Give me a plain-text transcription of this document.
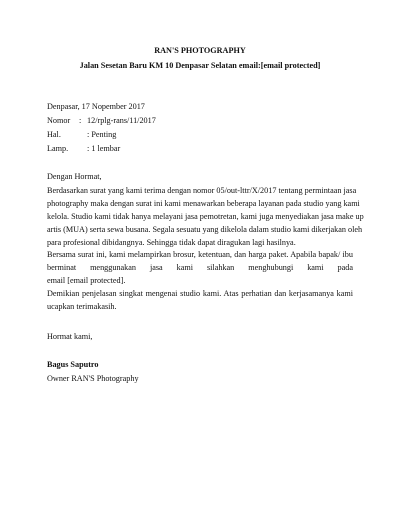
RAN'S PHOTOGRAPHY
Jalan Sesetan Baru KM 10 Denpasar Selatan email:[email protected]
Denpasar, 17 Nopember 2017
Nomor : 12/rplg-rans/11/2017
Hal.	: Penting
Lamp. : 1 lembar
Dengan Hormat,
Berdasarkan surat yang kami terima dengan nomor 05/out-lttr/X/2017 tentang permintaan jasa
photography maka dengan surat ini kami menawarkan beberapa layanan pada studio yang kami
kelola. Studio kami tidak hanya melayani jasa pemotretan, kami juga menyediakan jasa make up
artis (MUA) serta sewa busana. Segala sesuatu yang dikelola dalam studio kami dikerjakan oleh
para profesional dibidangnya. Sehingga tidak dapat diragukan lagi hasilnya.
Bersama surat ini, kami melampirkan brosur, ketentuan, dan harga paket. Apabila bapak/ ibu
berminat menggunakan jasa kami silahkan menghubungi kami pada
email [email protected].
Demikian penjelasan singkat mengenai studio kami. Atas perhatian dan kerjasamanya kami
ucapkan terimakasih.
Hormat kami,
Bagus Saputro
Owner RAN'S Photography
